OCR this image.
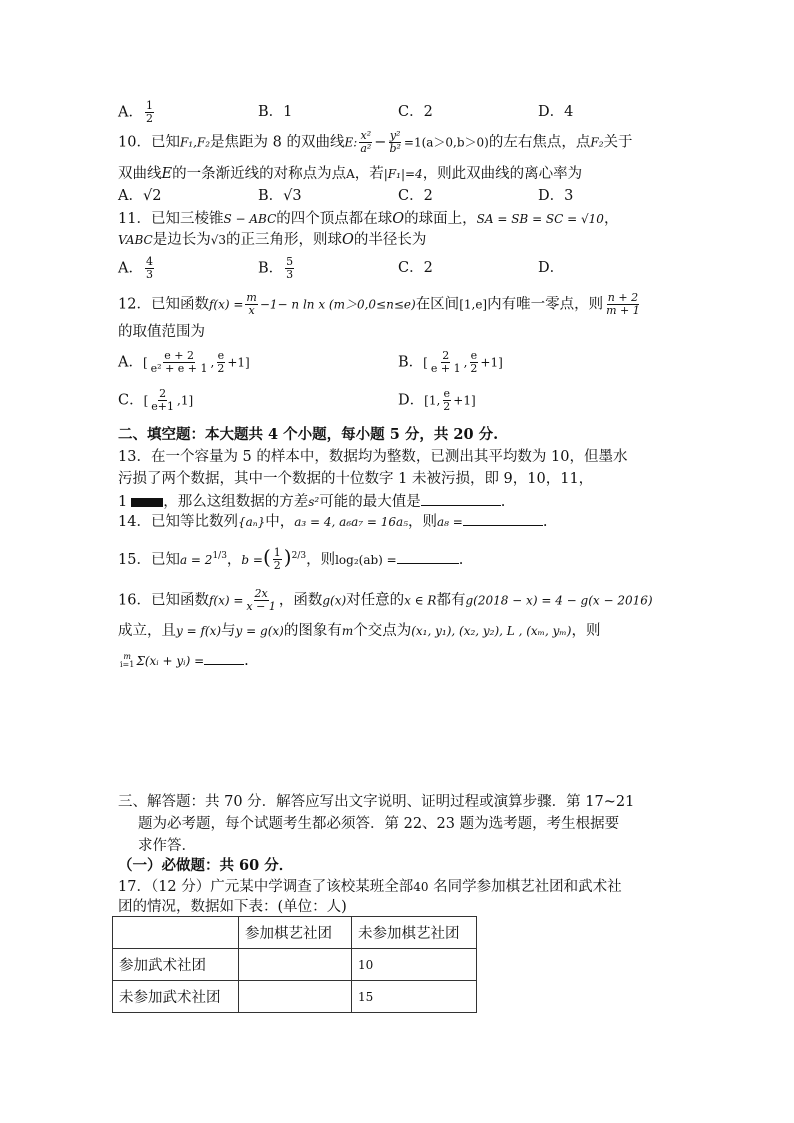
A． $\frac{1}{2}$	B．1	C．2	D．4
10．已知F₁,F₂是焦距为 8 的双曲线E: $\frac{\text{x²}}{\text{a²}} - \frac{\text{y²}}{\text{b²}} =1(a>0,b>0)$的左右焦点，点F₂关于
双曲线E的一条渐近线的对称点为点A，若|F₁|=4，则此双曲线的离心率为
A．√2	B．√3	C．2	D．3
11．已知三棱锥S − ABC的四个顶点都在球O的球面上，SA = SB = SC = √10，
VABC是边长为√3的正三角形，则球O的半径长为
A． $\frac{4}{3}$	B． $\frac{5}{3}$	C．2	D．
12．已知函数$f(x) = \frac{m}{x} -1- n$ ln x (m＞0,0≤n≤e)在区间[1,e]内有唯一零点，则 $\frac{n + 2}{m + 1}$
的取值范围为
A．[ $\frac{e + 2}{\text{e² + e + 1}}$ , $\frac{e}{2} +1$]	B．[ $\frac{2}{e + 1}$ , $\frac{e}{2} +1$]
C．[ $\frac{2}{e+1} ,1$]	D．[1, $\frac{e}{2} +1$]
二、填空题：本大题共 4 个小题，每小题 5 分，共 20 分.
13．在一个容量为 5 的样本中，数据均为整数，已测出其平均数为 10，但墨水
污损了两个数据，其中一个数据的十位数字 1 未被污损，即 9，10，11，
1 ，那么这组数据的方差s²可能的最大值是	.
14．已知等比数列{aₙ}中，a₃ = 4, a₆a₇ = 16a₅，则a₈ =	.
15．已知$a = 2^{1/3}$，b =( $\frac{1}{2} )^{2/3}$，则log₂(ab) =	.
16．已知函数$f(x) = \frac{2x}{x - 1}$ ，函数g(x)对任意的x ∈ R都有g(2018 − x) = 4 − g(x − 2016)
成立，且y = f(x)与y = g(x)的图象有m个交点为(x₁, y₁), (x₂, y₂), L , (xₘ, yₘ)，则
m
i=1 Σ(xᵢ + yᵢ) =	.
三、解答题：共 70 分．解答应写出文字说明、证明过程或演算步骤．第 17~21
题为必考题，每个试题考生都必须答．第 22、23 题为选考题，考生根据要
求作答．
（一）必做题：共 60 分．
17．（12 分）广元某中学调查了该校某班全部40 名同学参加棋艺社团和武术社
团的情况，数据如下表：(单位：人)
	参加棋艺社团	未参加棋艺社团
参加武术社团		10
未参加武术社团		15
